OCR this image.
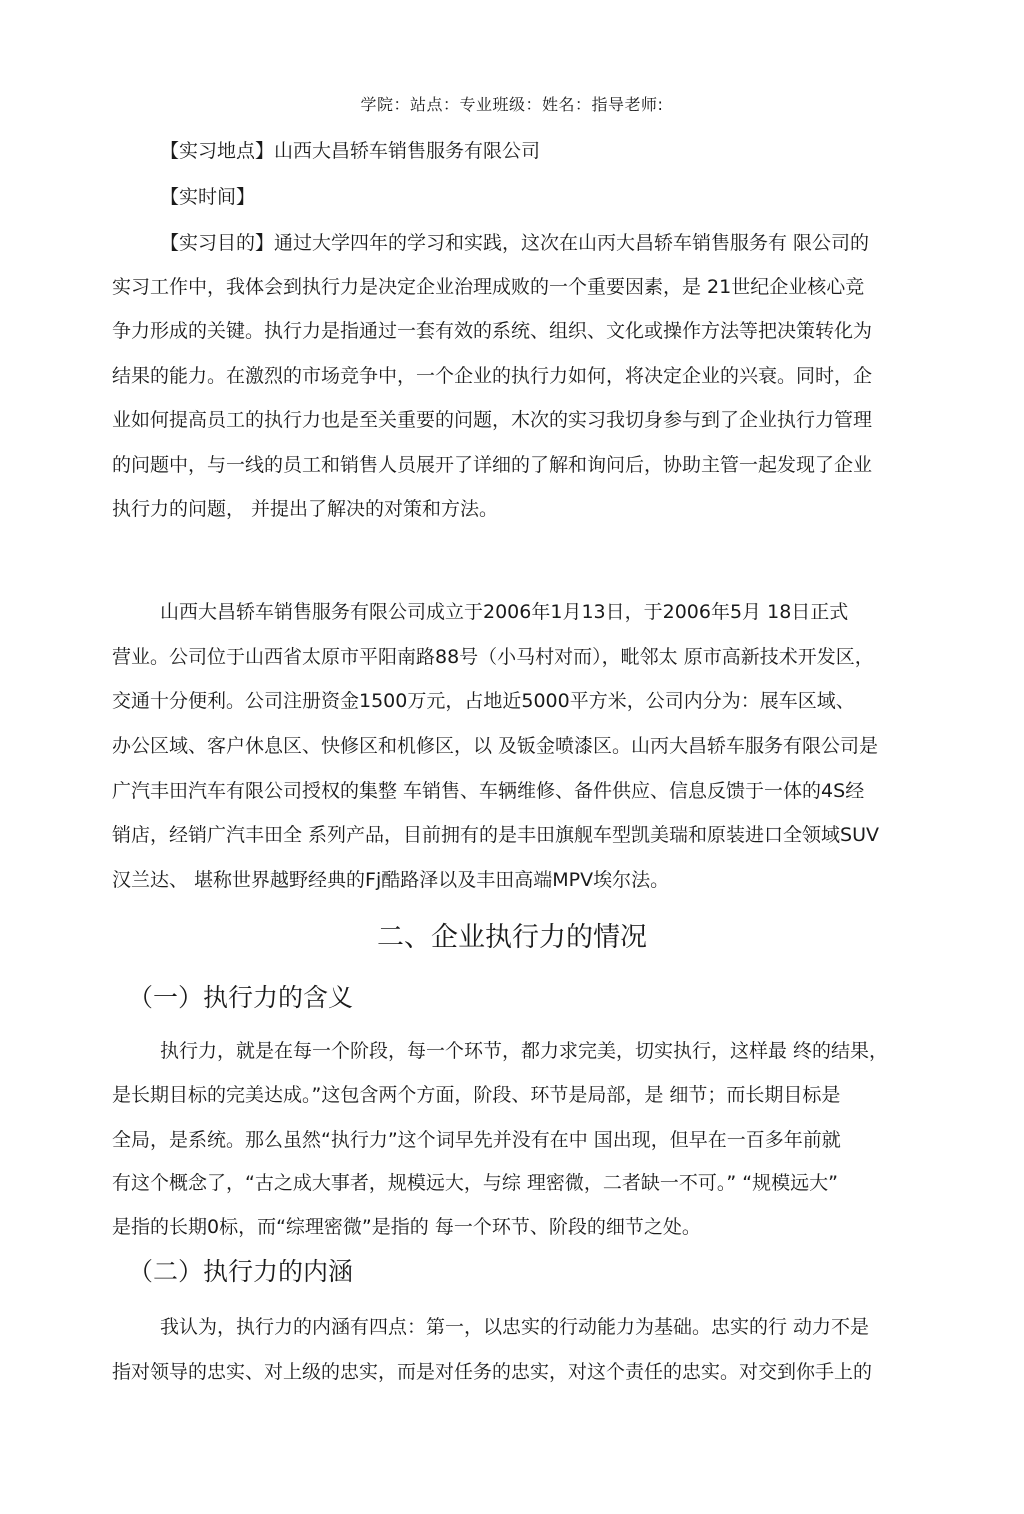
学院：站点：专业班级：姓名：指导老师:
【实习地点】山西大昌轿车销售服务有限公司
【实时间】
【实习目的】通过大学四年的学习和实践，这次在山丙大昌轿车销售服务有 限公司的
实习工作中，我体会到执行力是决定企业治理成败的一个重要因素，是 21世纪企业核心竞
争力形成的关键。执行力是指通过一套有效的系统、组织、文化或操作方法等把决策转化为
结果的能力。在激烈的市场竞争中，一个企业的执行力如何，将决定企业的兴衰。同时，企
业如何提高员工的执行力也是至关重要的问题，木次的实习我切身参与到了企业执行力管理
的问题中，与一线的员工和销售人员展开了详细的了解和询问后，协助主管一起发现了企业
执行力的问题， 并提出了解决的对策和方法。
山西大昌轿车销售服务有限公司成立于2006年1月13日，于2006年5月 18日正式
营业。公司位于山西省太原市平阳南路88号（小马村对而），毗邻太 原市高新技术开发区，
交通十分便利。公司注册资金1500万元，占地近5000平方米，公司内分为：展车区域、
办公区域、客户休息区、快修区和机修区，以 及钣金喷漆区。山丙大昌轿车服务有限公司是
广汽丰田汽车有限公司授权的集整 车销售、车辆维修、备件供应、信息反馈于一体的4S经
销店，经销广汽丰田全 系列产品，目前拥有的是丰田旗舰车型凯美瑞和原装进口全领域SUV
汉兰达、 堪称世界越野经典的Fj酷路泽以及丰田高端MPV埃尔法。
二、企业执行力的情况
（一）执行力的含义
执行力，就是在每一个阶段，每一个环节，都力求完美，切实执行，这样最 终的结果，
是长期目标的完美达成。”这包含两个方面，阶段、环节是局部，是 细节；而长期目标是
全局，是系统。那么虽然“执行力”这个词早先并没有在中 国出现，但早在一百多年前就
有这个概念了，“古之成大事者，规模远大，与综 理密微，二者缺一不可。” “规模远大”
是指的长期0标，而“综理密微”是指的 每一个环节、阶段的细节之处。
（二）执行力的内涵
我认为，执行力的内涵有四点：第一，以忠实的行动能力为基础。忠实的行 动力不是
指对领导的忠实、对上级的忠实，而是对任务的忠实，对这个责任的忠实。对交到你手上的
